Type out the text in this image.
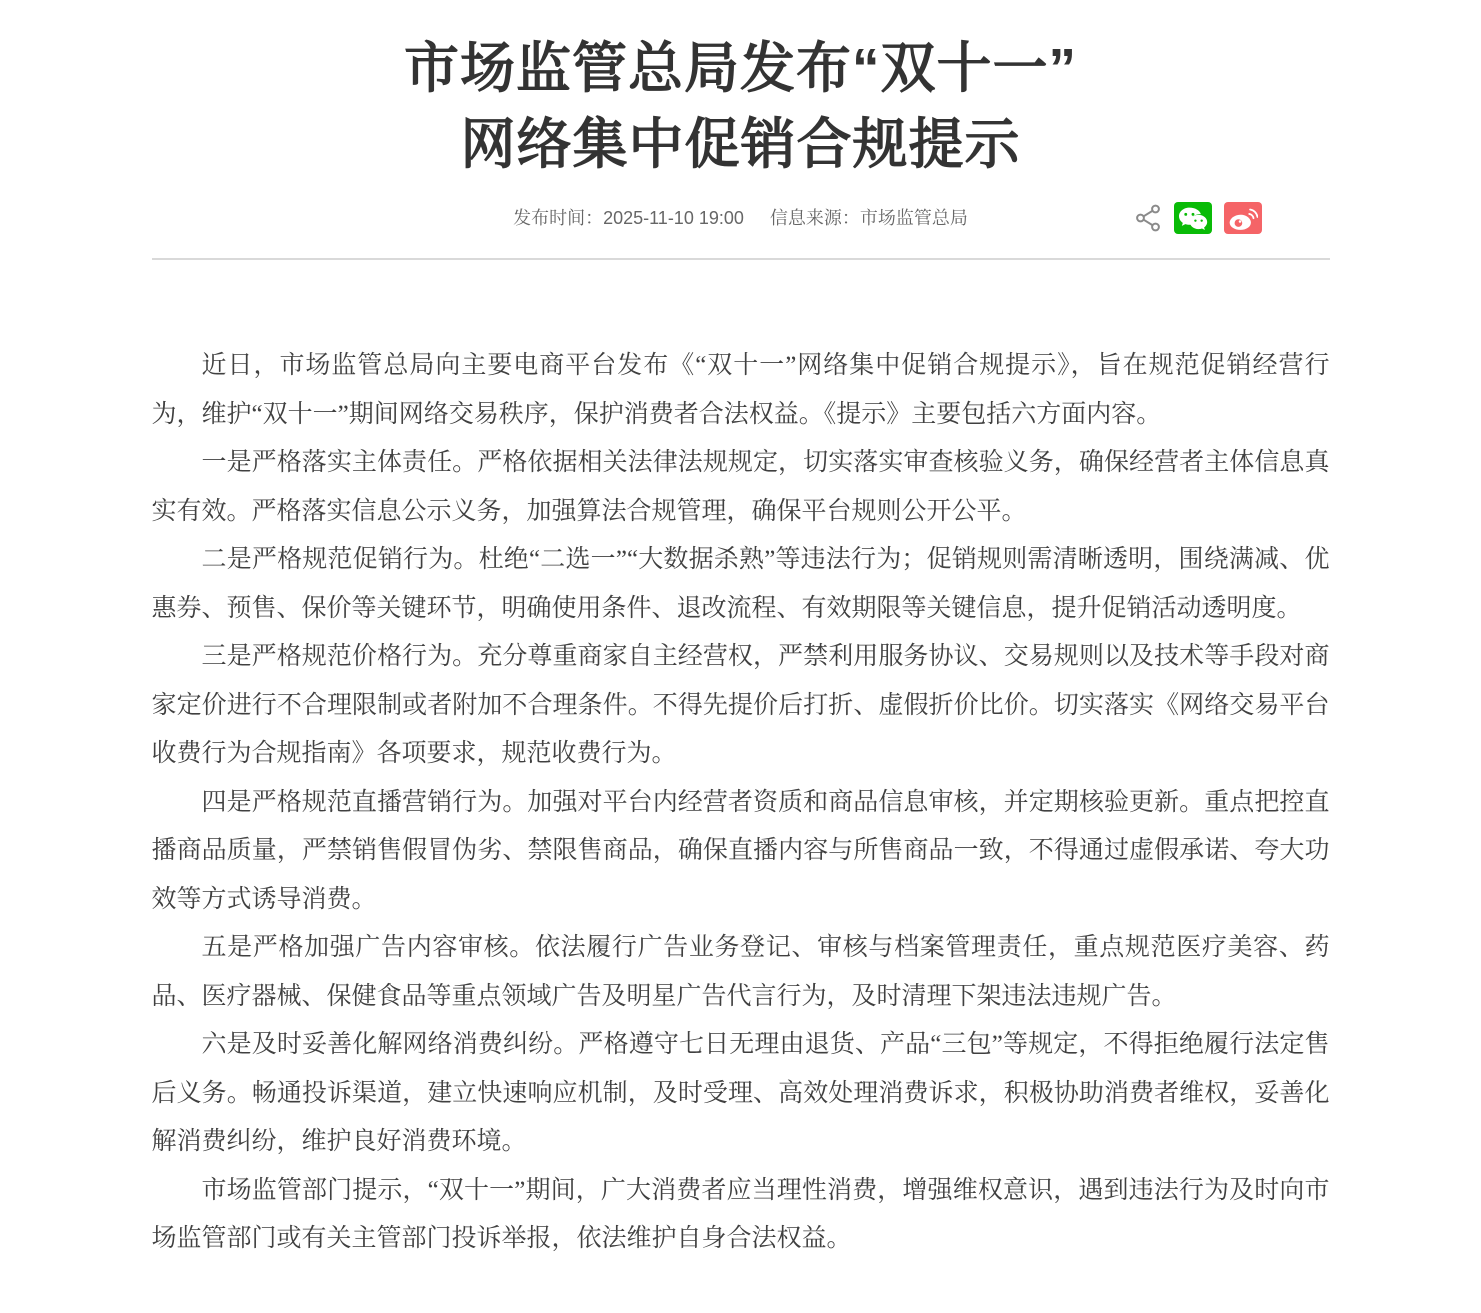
市场监管总局发布“双十一”
网络集中促销合规提示
发布时间：2025-11-10 19:00 信息来源：市场监管总局

近日，市场监管总局向主要电商平台发布《“双十一”网络集中促销合规提示》，旨在规范促销经营行为，维护“双十一”期间网络交易秩序，保护消费者合法权益。《提示》主要包括六方面内容。

一是严格落实主体责任。严格依据相关法律法规规定，切实落实审查核验义务，确保经营者主体信息真实有效。严格落实信息公示义务，加强算法合规管理，确保平台规则公开公平。

二是严格规范促销行为。杜绝“二选一”“大数据杀熟”等违法行为；促销规则需清晰透明，围绕满减、优惠券、预售、保价等关键环节，明确使用条件、退改流程、有效期限等关键信息，提升促销活动透明度。

三是严格规范价格行为。充分尊重商家自主经营权，严禁利用服务协议、交易规则以及技术等手段对商家定价进行不合理限制或者附加不合理条件。不得先提价后打折、虚假折价比价。切实落实《网络交易平台收费行为合规指南》各项要求，规范收费行为。

四是严格规范直播营销行为。加强对平台内经营者资质和商品信息审核，并定期核验更新。重点把控直播商品质量，严禁销售假冒伪劣、禁限售商品，确保直播内容与所售商品一致，不得通过虚假承诺、夸大功效等方式诱导消费。

五是严格加强广告内容审核。依法履行广告业务登记、审核与档案管理责任，重点规范医疗美容、药品、医疗器械、保健食品等重点领域广告及明星广告代言行为，及时清理下架违法违规广告。

六是及时妥善化解网络消费纠纷。严格遵守七日无理由退货、产品“三包”等规定，不得拒绝履行法定售后义务。畅通投诉渠道，建立快速响应机制，及时受理、高效处理消费诉求，积极协助消费者维权，妥善化解消费纠纷，维护良好消费环境。

市场监管部门提示，“双十一”期间，广大消费者应当理性消费，增强维权意识，遇到违法行为及时向市场监管部门或有关主管部门投诉举报，依法维护自身合法权益。
